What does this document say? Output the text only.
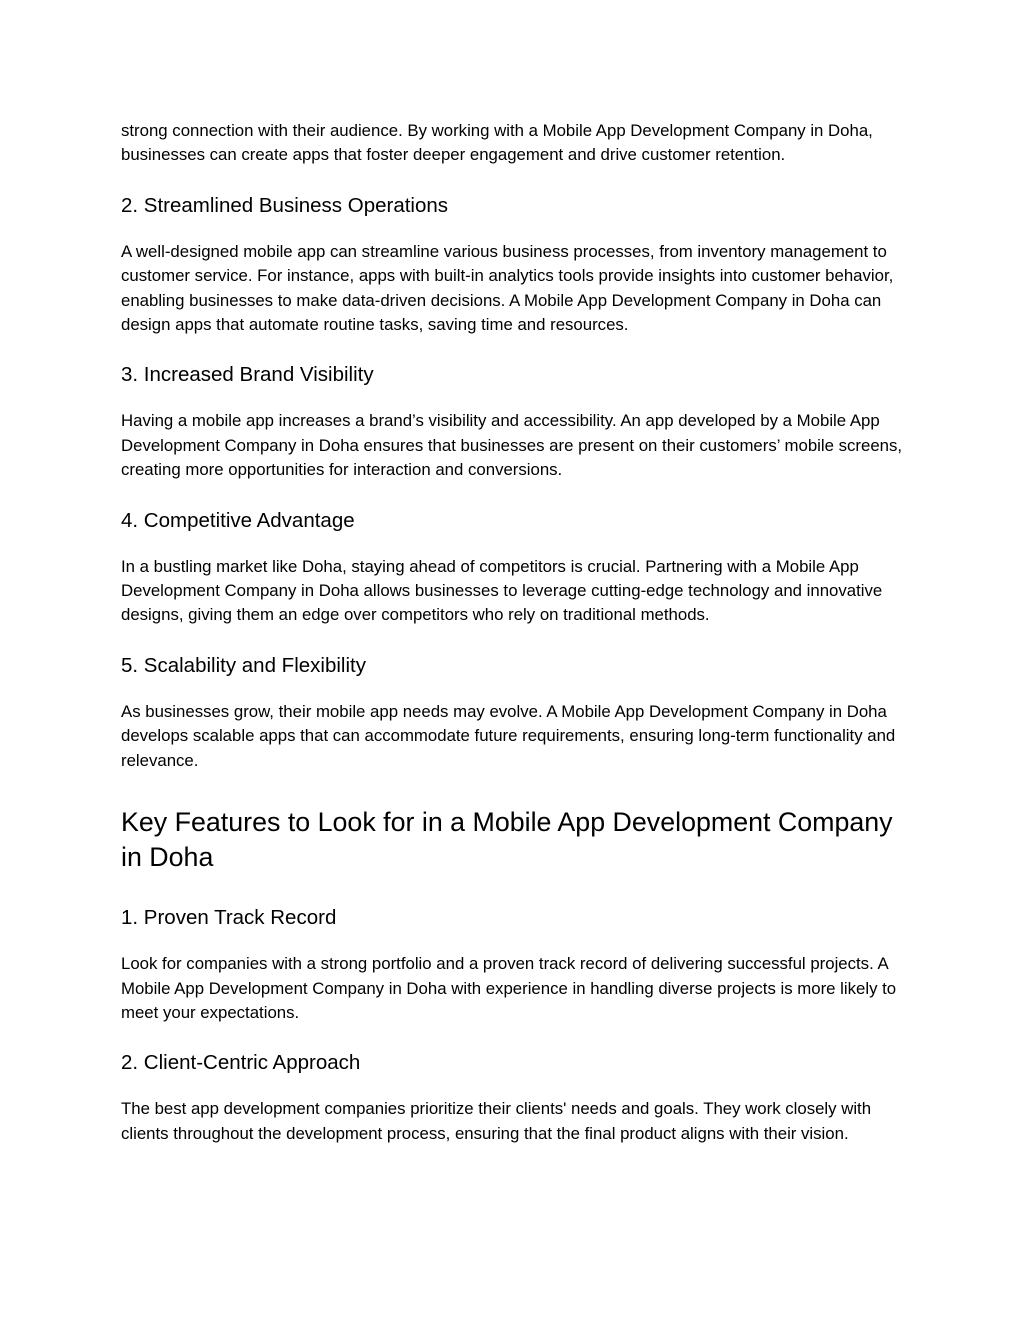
strong connection with their audience. By working with a Mobile App Development Company in Doha, businesses can create apps that foster deeper engagement and drive customer retention.

2. Streamlined Business Operations

A well-designed mobile app can streamline various business processes, from inventory management to customer service. For instance, apps with built-in analytics tools provide insights into customer behavior, enabling businesses to make data-driven decisions. A Mobile App Development Company in Doha can design apps that automate routine tasks, saving time and resources.

3. Increased Brand Visibility

Having a mobile app increases a brand’s visibility and accessibility. An app developed by a Mobile App Development Company in Doha ensures that businesses are present on their customers’ mobile screens, creating more opportunities for interaction and conversions.

4. Competitive Advantage

In a bustling market like Doha, staying ahead of competitors is crucial. Partnering with a Mobile App Development Company in Doha allows businesses to leverage cutting-edge technology and innovative designs, giving them an edge over competitors who rely on traditional methods.

5. Scalability and Flexibility

As businesses grow, their mobile app needs may evolve. A Mobile App Development Company in Doha develops scalable apps that can accommodate future requirements, ensuring long-term functionality and relevance.

Key Features to Look for in a Mobile App Development Company in Doha
1. Proven Track Record

Look for companies with a strong portfolio and a proven track record of delivering successful projects. A Mobile App Development Company in Doha with experience in handling diverse projects is more likely to meet your expectations.

2. Client-Centric Approach

The best app development companies prioritize their clients' needs and goals. They work closely with clients throughout the development process, ensuring that the final product aligns with their vision.
